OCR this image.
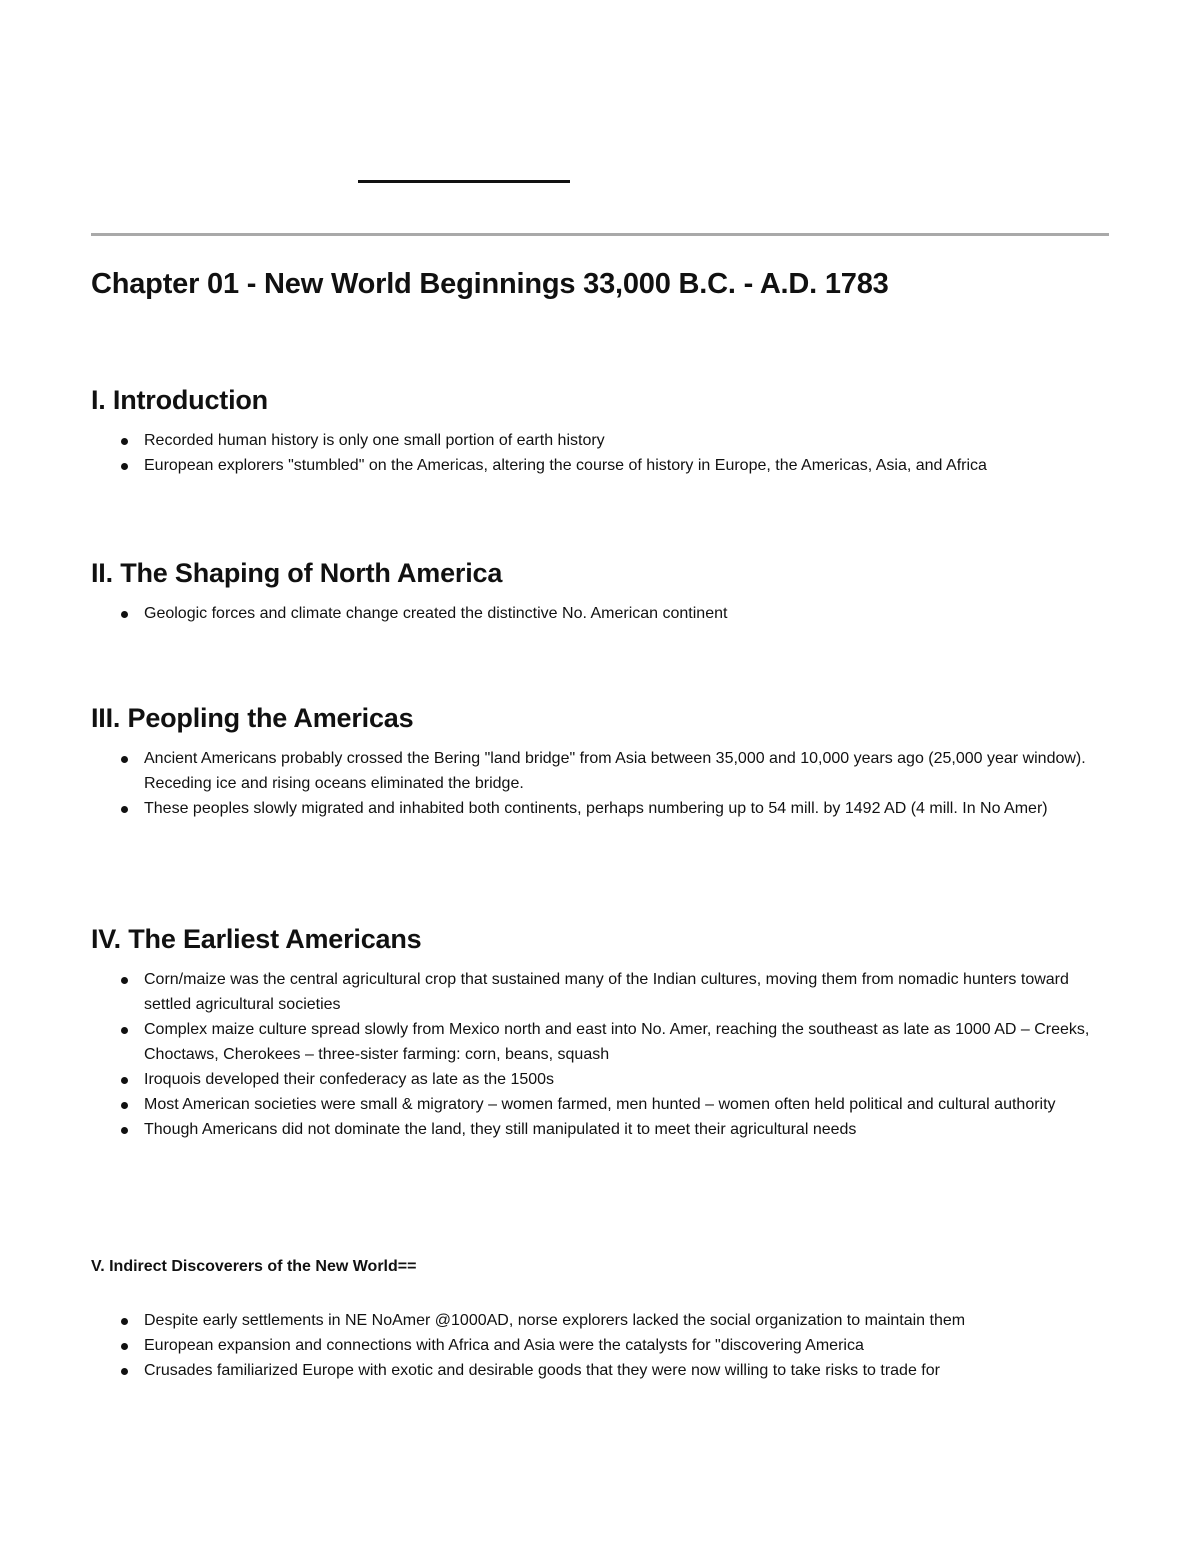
Chapter 01 - New World Beginnings 33,000 B.C. - A.D. 1783
I. Introduction
Recorded human history is only one small portion of earth history
European explorers "stumbled" on the Americas, altering the course of history in Europe, the Americas, Asia, and Africa
II. The Shaping of North America
Geologic forces and climate change created the distinctive No. American continent
III. Peopling the Americas
Ancient Americans probably crossed the Bering "land bridge" from Asia between 35,000 and 10,000 years ago (25,000 year window). Receding ice and rising oceans eliminated the bridge.
These peoples slowly migrated and inhabited both continents, perhaps numbering up to 54 mill. by 1492 AD (4 mill. In No Amer)
IV. The Earliest Americans
Corn/maize was the central agricultural crop that sustained many of the Indian cultures, moving them from nomadic hunters toward settled agricultural societies
Complex maize culture spread slowly from Mexico north and east into No. Amer, reaching the southeast as late as 1000 AD – Creeks, Choctaws, Cherokees – three-sister farming: corn, beans, squash
Iroquois developed their confederacy as late as the 1500s
Most American societies were small & migratory – women farmed, men hunted – women often held political and cultural authority
Though Americans did not dominate the land, they still manipulated it to meet their agricultural needs
V. Indirect Discoverers of the New World==
Despite early settlements in NE NoAmer @1000AD, norse explorers lacked the social organization to maintain them
European expansion and connections with Africa and Asia were the catalysts for "discovering America
Crusades familiarized Europe with exotic and desirable goods that they were now willing to take risks to trade for
